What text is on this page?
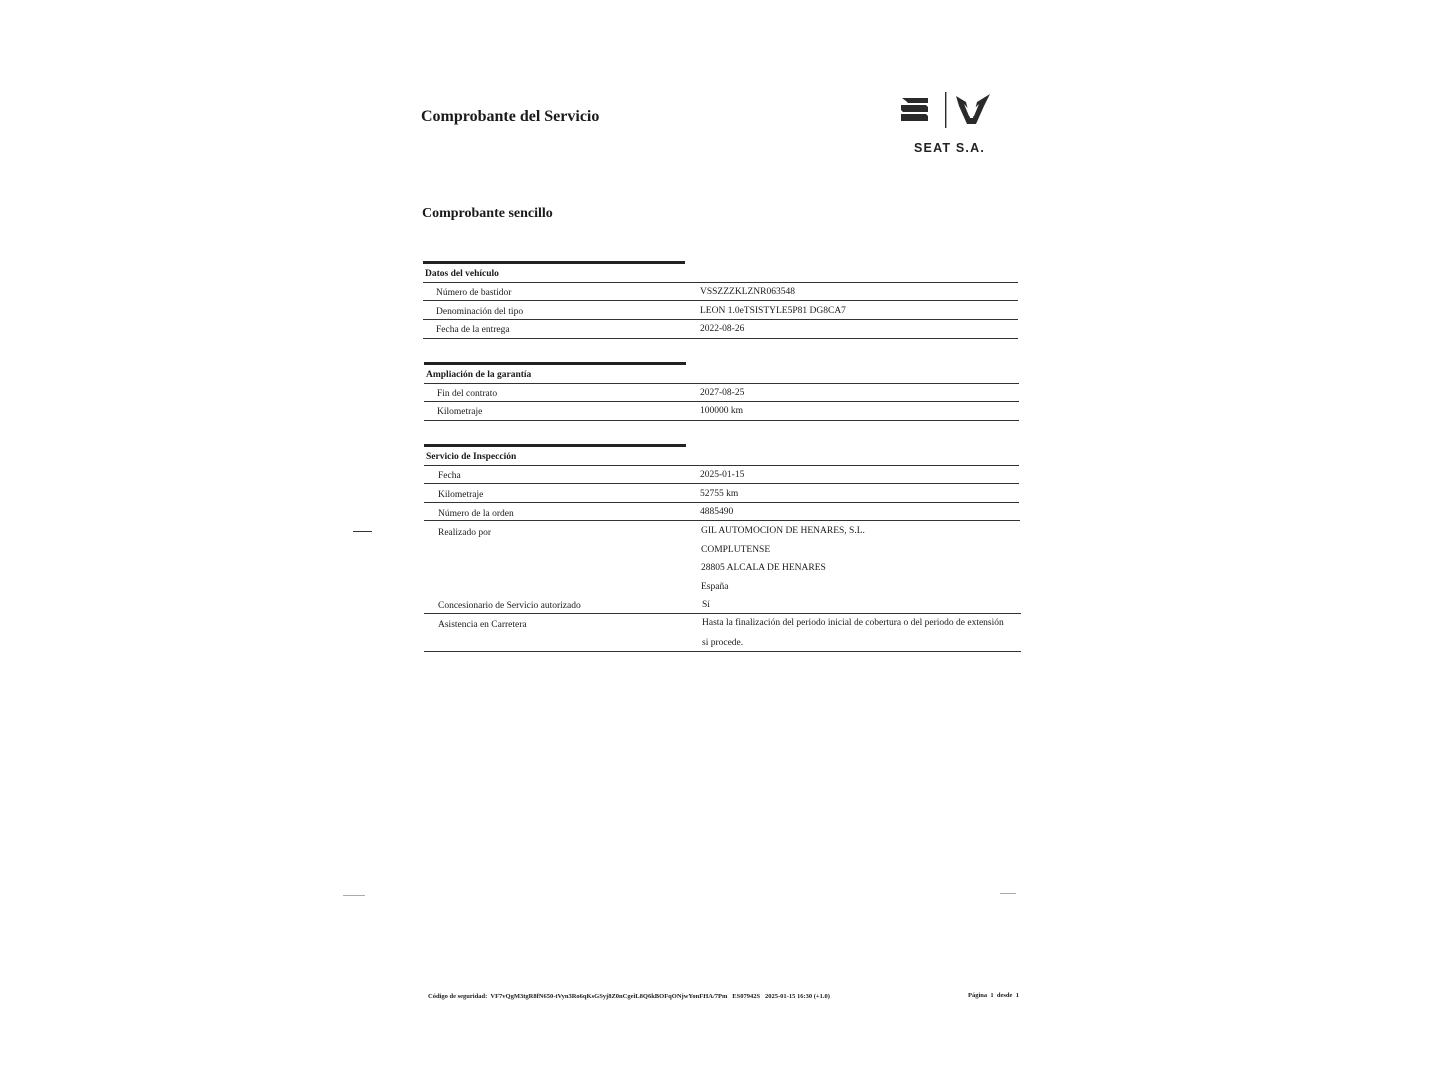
Comprobante del Servicio
SEAT S.A.
Comprobante sencillo
Datos del vehículo
Número de bastidor	VSSZZZKLZNR063548
Denominación del tipo	LEON 1.0eTSISTYLE5P81 DG8CA7
Fecha de la entrega	2022-08-26
Ampliación de la garantía
Fin del contrato	2027-08-25
Kilometraje	100000 km
Servicio de Inspección
Fecha	2025-01-15
Kilometraje	52755 km
Número de la orden	4885490
Realizado por	GIL AUTOMOCION DE HENARES, S.L.
COMPLUTENSE
28805 ALCALA DE HENARES
España
Concesionario de Servicio autorizado	Sí
Asistencia en Carretera	Hasta la finalización del periodo inicial de cobertura o del periodo de extensión
si procede.
Código de seguridad: VF7vQgM3tgR8fN650-tVyn3Ro6qKsGSyj8Z0nCgeiL8Q6kBOFqONjwYonFHA/7Pm ES07942S 2025-01-15 16:30 (+1.0)	Página 1 desde 1
